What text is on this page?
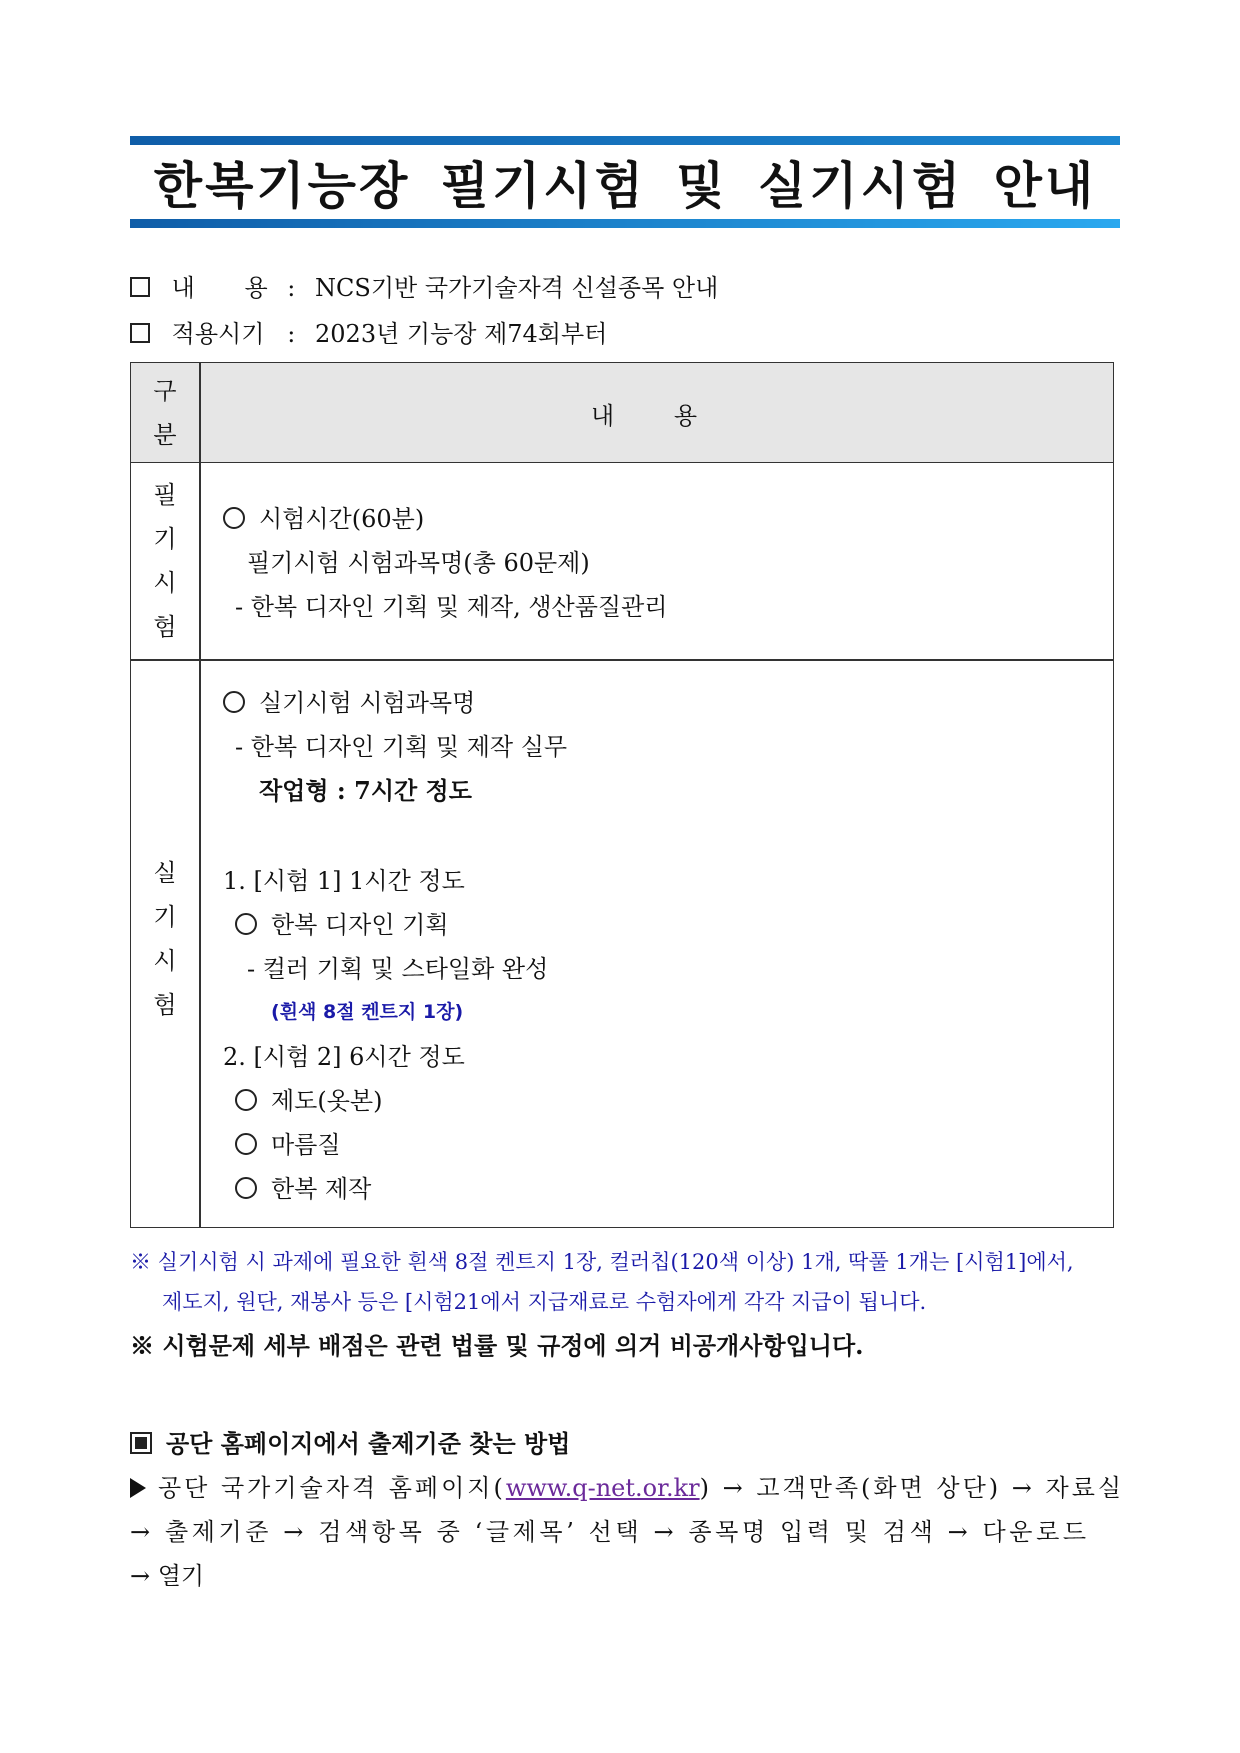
한복기능장 필기시험 및 실기시험 안내
내 용 : NCS기반 국가기술자격 신설종목 안내
적용시기 : 2023년 기능장 제74회부터
구
분
내 용
필
기
시
험
시험시간(60분)
필기시험 시험과목명(총 60문제)
- 한복 디자인 기획 및 제작, 생산품질관리
실
기
시
험
실기시험 시험과목명
- 한복 디자인 기획 및 제작 실무
작업형 : 7시간 정도
1. [시험 1] 1시간 정도
한복 디자인 기획
- 컬러 기획 및 스타일화 완성
(흰색 8절 켄트지 1장)
2. [시험 2] 6시간 정도
제도(옷본)
마름질
한복 제작
※ 실기시험 시 과제에 필요한 흰색 8절 켄트지 1장, 컬러칩(120색 이상) 1개, 딱풀 1개는 [시험1]에서,
제도지, 원단, 재봉사 등은 [시험21에서 지급재료로 수험자에게 각각 지급이 됩니다.
※ 시험문제 세부 배점은 관련 법률 및 규정에 의거 비공개사항입니다.
공단 홈페이지에서 출제기준 찾는 방법
공단 국가기술자격 홈페이지(www.q-net.or.kr) → 고객만족(화면 상단) → 자료실
→ 출제기준 → 검색항목 중 ‘글제목’ 선택 → 종목명 입력 및 검색 → 다운로드
→ 열기
